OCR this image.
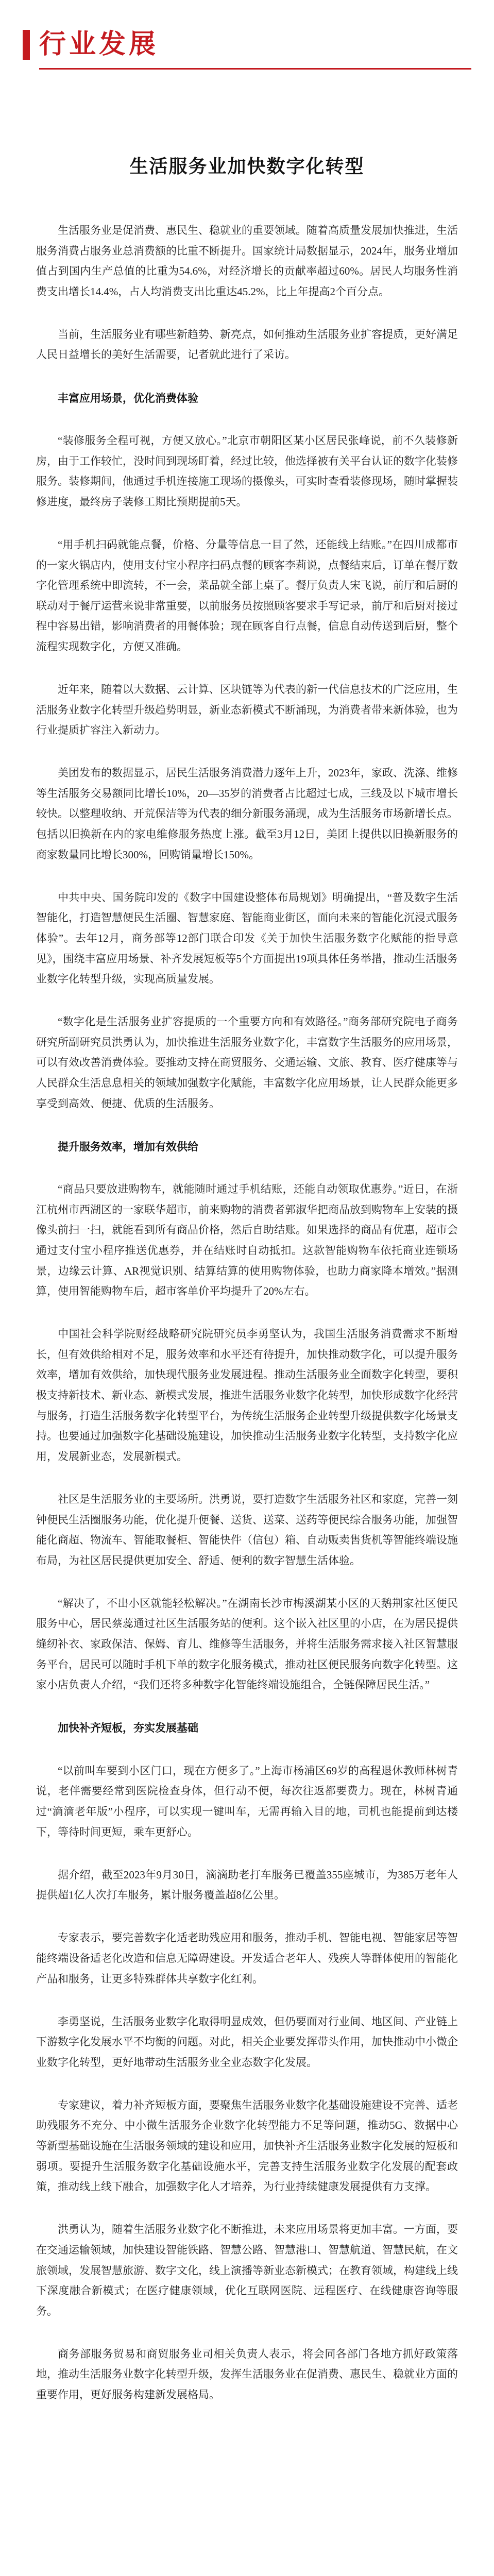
行业发展
生活服务业加快数字化转型

生活服务业是促消费、惠民生、稳就业的重要领域。随着高质量发展加快推进，生活服务消费占服务业总消费额的比重不断提升。国家统计局数据显示，2024年，服务业增加值占到国内生产总值的比重为54.6%，对经济增长的贡献率超过60%。居民人均服务性消费支出增长14.4%，占人均消费支出比重达45.2%，比上年提高2个百分点。

当前，生活服务业有哪些新趋势、新亮点，如何推动生活服务业扩容提质，更好满足人民日益增长的美好生活需要，记者就此进行了采访。

丰富应用场景，优化消费体验

“装修服务全程可视，方便又放心。”北京市朝阳区某小区居民张峰说，前不久装修新房，由于工作较忙，没时间到现场盯着，经过比较，他选择被有关平台认证的数字化装修服务。装修期间，他通过手机连接施工现场的摄像头，可实时查看装修现场，随时掌握装修进度，最终房子装修工期比预期提前5天。

“用手机扫码就能点餐，价格、分量等信息一目了然，还能线上结账。”在四川成都市的一家火锅店内，使用支付宝小程序扫码点餐的顾客李莉说，点餐结束后，订单在餐厅数字化管理系统中即流转，不一会，菜品就全部上桌了。餐厅负责人宋飞说，前厅和后厨的联动对于餐厅运营来说非常重要，以前服务员按照顾客要求手写记录，前厅和后厨对接过程中容易出错，影响消费者的用餐体验；现在顾客自行点餐，信息自动传送到后厨，整个流程实现数字化，方便又准确。

近年来，随着以大数据、云计算、区块链等为代表的新一代信息技术的广泛应用，生活服务业数字化转型升级趋势明显，新业态新模式不断涌现，为消费者带来新体验，也为行业提质扩容注入新动力。

美团发布的数据显示，居民生活服务消费潜力逐年上升，2023年，家政、洗涤、维修等生活服务交易额同比增长10%，20—35岁的消费者占比超过七成，三线及以下城市增长较快。以整理收纳、开荒保洁等为代表的细分新服务涌现，成为生活服务市场新增长点。包括以旧换新在内的家电维修服务热度上涨。截至3月12日，美团上提供以旧换新服务的商家数量同比增长300%，回购销量增长150%。

中共中央、国务院印发的《数字中国建设整体布局规划》明确提出，“普及数字生活智能化，打造智慧便民生活圈、智慧家庭、智能商业街区，面向未来的智能化沉浸式服务体验”。去年12月，商务部等12部门联合印发《关于加快生活服务数字化赋能的指导意见》，围绕丰富应用场景、补齐发展短板等5个方面提出19项具体任务举措，推动生活服务业数字化转型升级，实现高质量发展。

“数字化是生活服务业扩容提质的一个重要方向和有效路径。”商务部研究院电子商务研究所副研究员洪勇认为，加快推进生活服务业数字化，丰富数字生活服务的应用场景，可以有效改善消费体验。要推动支持在商贸服务、交通运输、文旅、教育、医疗健康等与人民群众生活息息相关的领域加强数字化赋能，丰富数字化应用场景，让人民群众能更多享受到高效、便捷、优质的生活服务。

提升服务效率，增加有效供给

“商品只要放进购物车，就能随时通过手机结账，还能自动领取优惠券。”近日，在浙江杭州市西湖区的一家联华超市，前来购物的消费者郭淑华把商品放到购物车上安装的摄像头前扫一扫，就能看到所有商品价格，然后自助结账。如果选择的商品有优惠，超市会通过支付宝小程序推送优惠券，并在结账时自动抵扣。这款智能购物车依托商业连锁场景，边缘云计算、AR视觉识别、结算结算的使用购物体验，也助力商家降本增效。”据测算，使用智能购物车后，超市客单价平均提升了20%左右。

中国社会科学院财经战略研究院研究员李勇坚认为，我国生活服务消费需求不断增长，但有效供给相对不足，服务效率和水平还有待提升，加快推动数字化，可以提升服务效率，增加有效供给，加快现代服务业发展进程。推动生活服务业全面数字化转型，要积极支持新技术、新业态、新模式发展，推进生活服务业数字化转型，加快形成数字化经营与服务，打造生活服务数字化转型平台，为传统生活服务企业转型升级提供数字化场景支持。也要通过加强数字化基础设施建设，加快推动生活服务业数字化转型，支持数字化应用，发展新业态，发展新模式。

社区是生活服务业的主要场所。洪勇说，要打造数字生活服务社区和家庭，完善一刻钟便民生活圈服务功能，优化提升便餐、送货、送菜、送药等便民综合服务功能，加强智能化商超、物流车、智能取餐柜、智能快件（信包）箱、自动贩卖售货机等智能终端设施布局，为社区居民提供更加安全、舒适、便利的数字智慧生活体验。

“解决了，不出小区就能轻松解决。”在湖南长沙市梅溪湖某小区的天鹅荆家社区便民服务中心，居民蔡蕊通过社区生活服务站的便利。这个嵌入社区里的小店，在为居民提供缝纫补衣、家政保洁、保姆、育儿、维修等生活服务，并将生活服务需求接入社区智慧服务平台，居民可以随时手机下单的数字化服务模式，推动社区便民服务向数字化转型。这家小店负责人介绍，“我们还将多种数字化智能终端设施组合，全链保障居民生活。”

加快补齐短板，夯实发展基础

“以前叫车要到小区门口，现在方便多了。”上海市杨浦区69岁的高程退休教师林树青说，老伴需要经常到医院检查身体，但行动不便，每次往返都要费力。现在，林树青通过“滴滴老年版”小程序，可以实现一键叫车，无需再输入目的地，司机也能提前到达楼下，等待时间更短，乘车更舒心。

据介绍，截至2023年9月30日，滴滴助老打车服务已覆盖355座城市，为385万老年人提供超1亿人次打车服务，累计服务覆盖超8亿公里。

专家表示，要完善数字化适老助残应用和服务，推动手机、智能电视、智能家居等智能终端设备适老化改造和信息无障碍建设。开发适合老年人、残疾人等群体使用的智能化产品和服务，让更多特殊群体共享数字化红利。

李勇坚说，生活服务业数字化取得明显成效，但仍要面对行业间、地区间、产业链上下游数字化发展水平不均衡的问题。对此，相关企业要发挥带头作用，加快推动中小微企业数字化转型，更好地带动生活服务业全业态数字化发展。

专家建议，着力补齐短板方面，要聚焦生活服务业数字化基础设施建设不完善、适老助残服务不充分、中小微生活服务企业数字化转型能力不足等问题，推动5G、数据中心等新型基础设施在生活服务领域的建设和应用，加快补齐生活服务业数字化发展的短板和弱项。要提升生活服务数字化基础设施水平，完善支持生活服务业数字化发展的配套政策，推动线上线下融合，加强数字化人才培养，为行业持续健康发展提供有力支撑。

洪勇认为，随着生活服务业数字化不断推进，未来应用场景将更加丰富。一方面，要在交通运输领域，加快建设智能铁路、智慧公路、智慧港口、智慧航道、智慧民航，在文旅领域，发展智慧旅游、数字文化，线上演播等新业态新模式；在教育领域，构建线上线下深度融合新模式；在医疗健康领域，优化互联网医院、远程医疗、在线健康咨询等服务。

商务部服务贸易和商贸服务业司相关负责人表示，将会同各部门各地方抓好政策落地，推动生活服务业数字化转型升级，发挥生活服务业在促消费、惠民生、稳就业方面的重要作用，更好服务构建新发展格局。
